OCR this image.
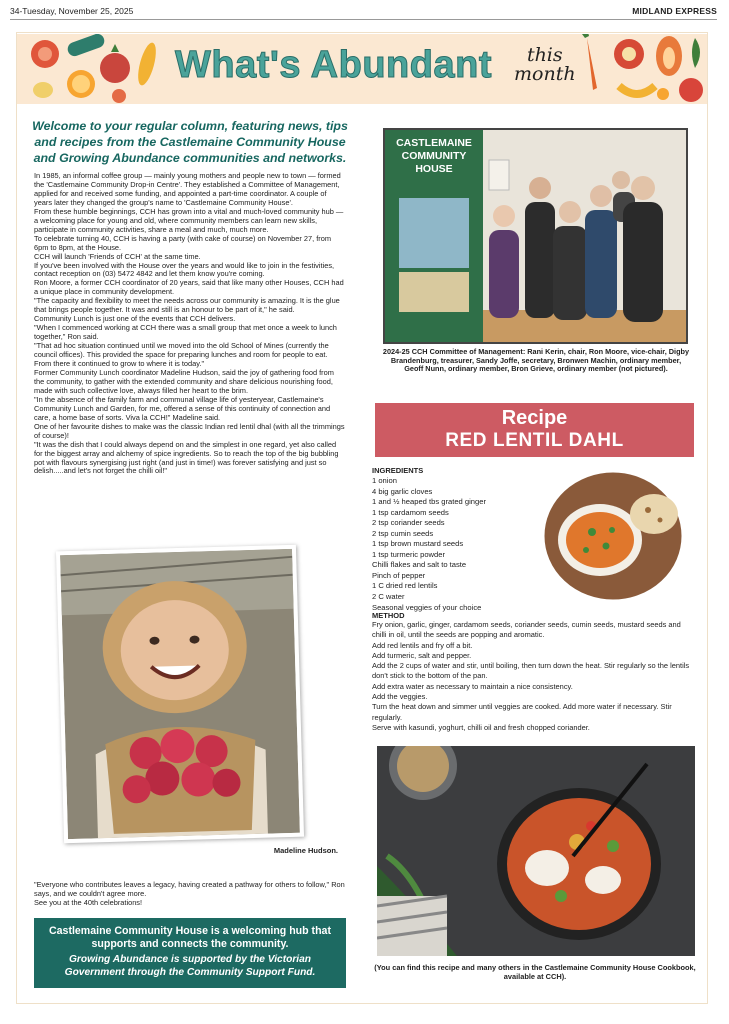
34-Tuesday, November 25, 2025	MIDLAND EXPRESS
What's Abundant	this
month
Welcome to your regular column, featuring news, tips and recipes from the Castlemaine Community House and Growing Abundance communities and networks.

In 1985, an informal coffee group — mainly young mothers and people new to town — formed the 'Castlemaine Community Drop-in Centre'. They established a Committee of Management, applied for and received some funding, and appointed a part-time coordinator. A couple of years later they changed the group's name to 'Castlemaine Community House'.

From these humble beginnings, CCH has grown into a vital and much-loved community hub — a welcoming place for young and old, where community members can learn new skills, participate in community activities, share a meal and much, much more.

To celebrate turning 40, CCH is having a party (with cake of course) on November 27, from 6pm to 8pm, at the House.

CCH will launch 'Friends of CCH' at the same time.

If you've been involved with the House over the years and would like to join in the festivities, contact reception on (03) 5472 4842 and let them know you're coming.

Ron Moore, a former CCH coordinator of 20 years, said that like many other Houses, CCH had a unique place in community development.

"The capacity and flexibility to meet the needs across our community is amazing. It is the glue that brings people together. It was and still is an honour to be part of it," he said.

Community Lunch is just one of the events that CCH delivers.

"When I commenced working at CCH there was a small group that met once a week to lunch together," Ron said.

"That ad hoc situation continued until we moved into the old School of Mines (currently the council offices). This provided the space for preparing lunches and room for people to eat. From there it continued to grow to where it is today."

Former Community Lunch coordinator Madeline Hudson, said the joy of gathering food from the community, to gather with the extended community and share delicious nourishing food, made with such collective love, always filled her heart to the brim.

"In the absence of the family farm and communal village life of yesteryear, Castlemaine's Community Lunch and Garden, for me, offered a sense of this continuity of connection and care, a home base of sorts. Viva la CCH!" Madeline said.

One of her favourite dishes to make was the classic Indian red lentil dhal (with all the trimmings of course)!

"It was the dish that I could always depend on and the simplest in one regard, yet also called for the biggest array and alchemy of spice ingredients. So to reach the top of the big bubbling pot with flavours synergising just right (and just in time!) was forever satisfying and just so delish.....and let's not forget the chilli oil!"

Madeline Hudson.

"Everyone who contributes leaves a legacy, having created a pathway for others to follow," Ron says, and we couldn't agree more.

See you at the 40th celebrations!

Castlemaine Community House is a welcoming hub that supports and connects the community.
Growing Abundance is supported by the Victorian Government through the Community Support Fund.
CASTLEMAINE
COMMUNITY
HOUSE
2024-25 CCH Committee of Management: Rani Kerin, chair, Ron Moore, vice-chair, Digby Brandenburg, treasurer, Sandy Joffe, secretary, Bronwen Machin, ordinary member, Geoff Nunn, ordinary member, Bron Grieve, ordinary member (not pictured).
Recipe
RED LENTIL DAHL
INGREDIENTS
1 onion
4 big garlic cloves
1 and ½ heaped tbs grated ginger
1 tsp cardamom seeds
2 tsp coriander seeds
2 tsp cumin seeds
1 tsp brown mustard seeds
1 tsp turmeric powder
Chilli flakes and salt to taste
Pinch of pepper
1 C dried red lentils
2 C water
Seasonal veggies of your choice
METHOD
Fry onion, garlic, ginger, cardamom seeds, coriander seeds, cumin seeds, mustard seeds and chilli in oil, until the seeds are popping and aromatic.
Add red lentils and fry off a bit.
Add turmeric, salt and pepper.
Add the 2 cups of water and stir, until boiling, then turn down the heat. Stir regularly so the lentils don't stick to the bottom of the pan.
Add extra water as necessary to maintain a nice consistency.
Add the veggies.
Turn the heat down and simmer until veggies are cooked. Add more water if necessary. Stir regularly.
Serve with kasundi, yoghurt, chilli oil and fresh chopped coriander.
(You can find this recipe and many others in the Castlemaine Community House Cookbook, available at CCH).
